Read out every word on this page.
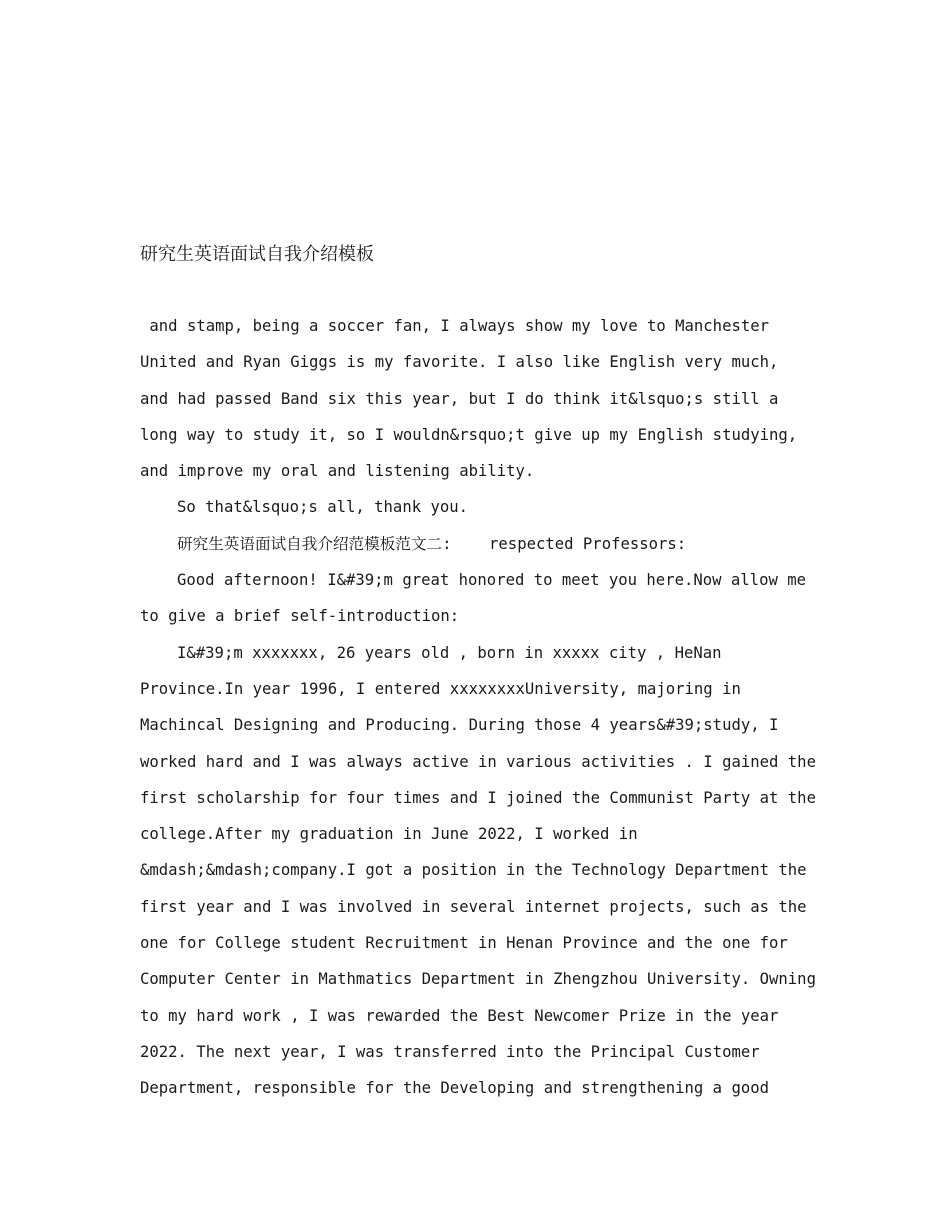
研究生英语面试自我介绍模板
and stamp, being a soccer fan, I always show my love to Manchester
United and Ryan Giggs is my favorite. I also like English very much,
and had passed Band six this year, but I do think it&lsquo;s still a
long way to study it, so I wouldn&rsquo;t give up my English studying,
and improve my oral and listening ability.
So that&lsquo;s all, thank you.
研究生英语面试自我介绍范模板范文二:    respected Professors:
Good afternoon! I&#39;m great honored to meet you here.Now allow me
to give a brief self-introduction:
I&#39;m xxxxxxx, 26 years old , born in xxxxx city , HeNan
Province.In year 1996, I entered xxxxxxxxUniversity, majoring in
Machincal Designing and Producing. During those 4 years&#39;study, I
worked hard and I was always active in various activities . I gained the
first scholarship for four times and I joined the Communist Party at the
college.After my graduation in June 2022, I worked in
&mdash;&mdash;company.I got a position in the Technology Department the
first year and I was involved in several internet projects, such as the
one for College student Recruitment in Henan Province and the one for
Computer Center in Mathmatics Department in Zhengzhou University. Owning
to my hard work , I was rewarded the Best Newcomer Prize in the year
2022. The next year, I was transferred into the Principal Customer
Department, responsible for the Developing and strengthening a good
